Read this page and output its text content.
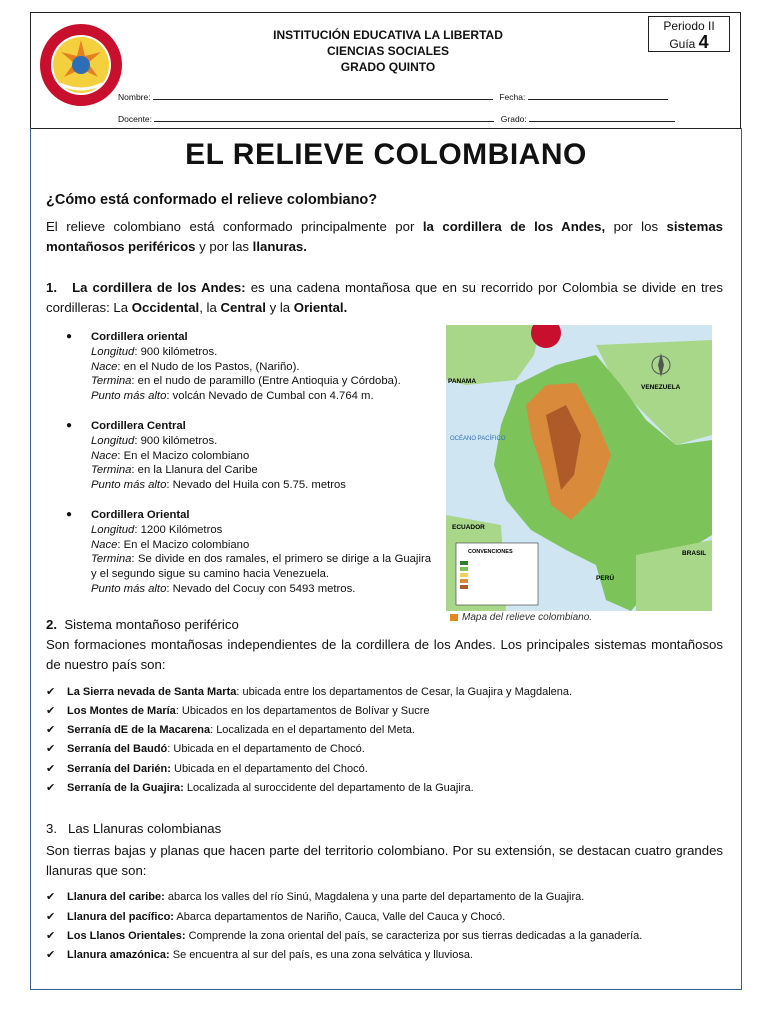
INSTITUCIÓN EDUCATIVA LA LIBERTAD
CIENCIAS SOCIALES
GRADO QUINTO
Periodo II
Guía 4
Nombre:	Fecha:
Docente:	Grado:
EL RELIEVE COLOMBIANO
¿Cómo está conformado el relieve colombiano?
El relieve colombiano está conformado principalmente por la cordillera de los Andes, por los sistemas montañosos periféricos y por las llanuras.
1. La cordillera de los Andes: es una cadena montañosa que en su recorrido por Colombia se divide en tres cordilleras: La Occidental, la Central y la Oriental.
● Cordillera oriental
Longitud: 900 kilómetros.
Nace: en el Nudo de los Pastos, (Nariño).
Termina: en el nudo de paramillo (Entre Antioquia y Córdoba).
Punto más alto: volcán Nevado de Cumbal con 4.764 m.
● Cordillera Central
Longitud: 900 kilómetros.
Nace: En el Macizo colombiano
Termina: en la Llanura del Caribe
Punto más alto: Nevado del Huila con 5.75. metros
● Cordillera Oriental
Longitud: 1200 Kilómetros
Nace: En el Macizo colombiano
Termina: Se divide en dos ramales, el primero se dirige a la Guajira y el segundo sigue su camino hacia Venezuela.
Punto más alto: Nevado del Cocuy con 5493 metros.
PANAMA
VENEZUELA
OCÉANO PACÍFICO
ECUADOR
PERÚ
BRASIL
CONVENCIONES
Mapa del relieve colombiano.
2. Sistema montañoso periférico
Son formaciones montañosas independientes de la cordillera de los Andes. Los principales sistemas montañosos de nuestro país son:
✔ La Sierra nevada de Santa Marta: ubicada entre los departamentos de Cesar, la Guajira y Magdalena.
✔ Los Montes de María: Ubicados en los departamentos de Bolívar y Sucre
✔ Serranía dE de la Macarena: Localizada en el departamento del Meta.
✔ Serranía del Baudó: Ubicada en el departamento de Chocó.
✔ Serranía del Darién: Ubicada en el departamento del Chocó.
✔ Serranía de la Guajira: Localizada al suroccidente del departamento de la Guajira.
3. Las Llanuras colombianas
Son tierras bajas y planas que hacen parte del territorio colombiano. Por su extensión, se destacan cuatro grandes llanuras que son:
✔ Llanura del caribe: abarca los valles del río Sinú, Magdalena y una parte del departamento de la Guajira.
✔ Llanura del pacífico: Abarca departamentos de Nariño, Cauca, Valle del Cauca y Chocó.
✔ Los Llanos Orientales: Comprende la zona oriental del país, se caracteriza por sus tierras dedicadas a la ganadería.
✔ Llanura amazónica: Se encuentra al sur del país, es una zona selvática y lluviosa.
